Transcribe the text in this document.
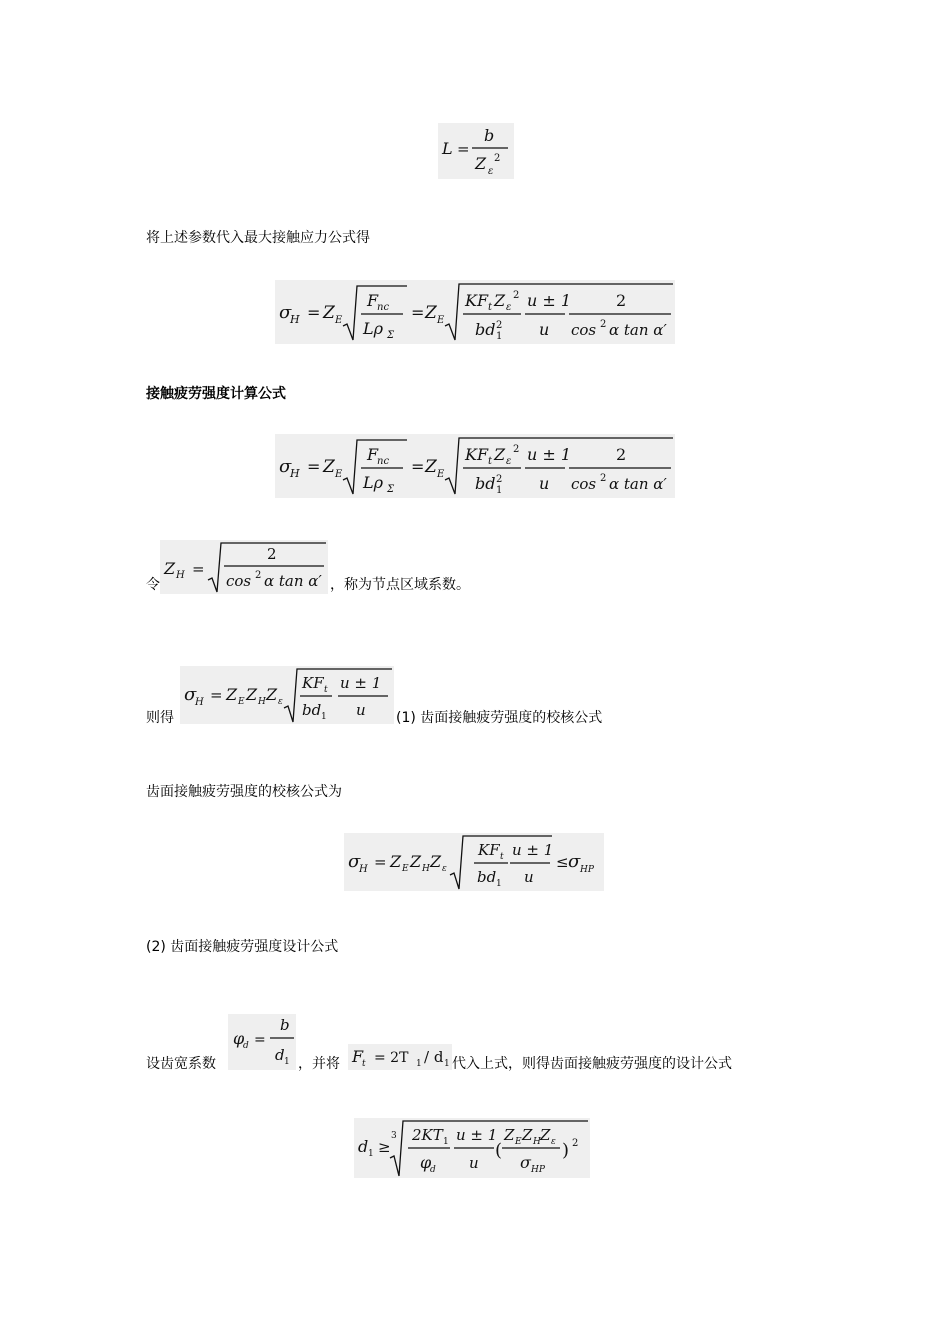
L =
b
Z ε
2
将上述参数代入最大接触应力公式得
σ
H = Z E
F
nc
Lρ Σ
= Z E
KF t Z ε
2
bd 1
2
u ± 1
u
2
cos 2 α tan α′
接触疲劳强度计算公式
σ
H = Z E
F
nc
Lρ Σ
= Z E
KF t Z ε
2
bd 1
2
u ± 1
u
2
cos 2 α tan α′
令
Z H =
2
cos 2 α tan α′ ，称为节点区域系数。
则得
σ
H = Z E Z H Z ε
KF t
bd 1
u ± 1
u (1) 齿面接触疲劳强度的校核公式
齿面接触疲劳强度的校核公式为
σ
H = Z E Z H Z ε
KF t
bd 1
u ± 1
u
≤ σ HP
(2) 齿面接触疲劳强度设计公式
设齿宽系数
φ
d =
b
d 1 ，并将 F
t = 2T 1 / d 1 代入上式，则得齿面接触疲劳强度的设计公式
d 1 ≥
3 2KT 1
φ
d
u ± 1
u
(
Z E Z H Z ε
σ HP
) 2
